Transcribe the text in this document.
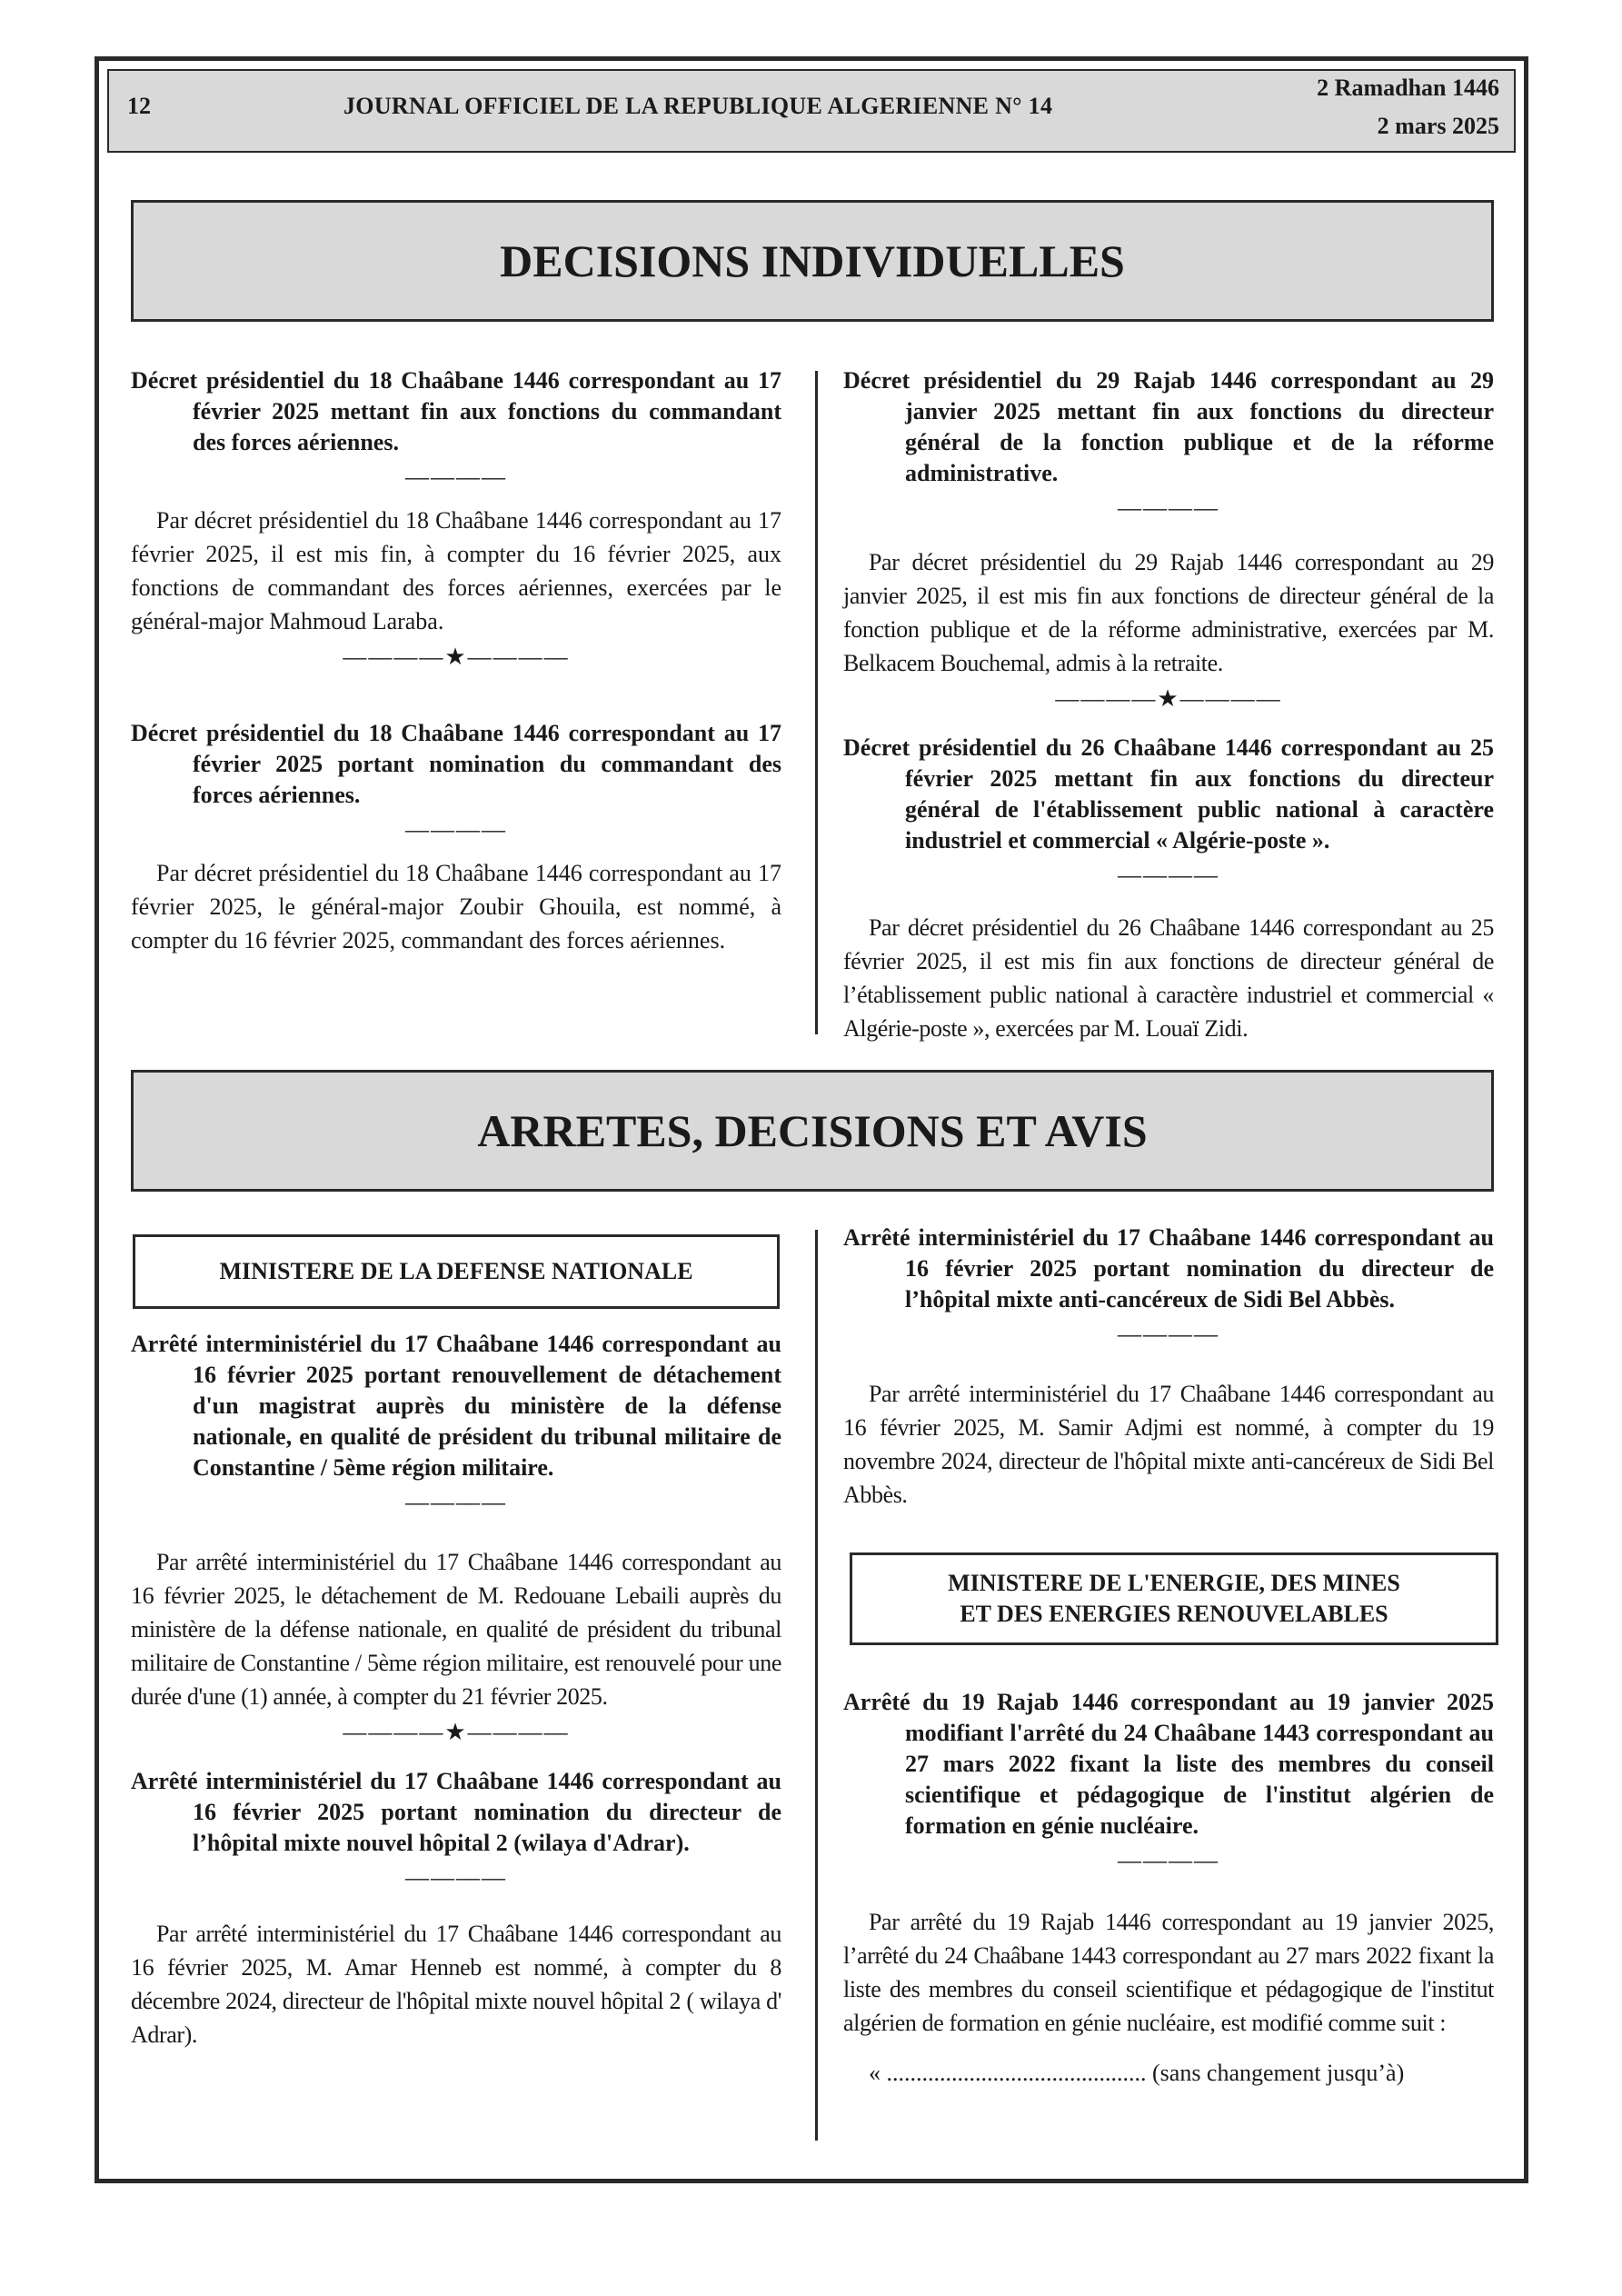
12	JOURNAL OFFICIEL DE LA REPUBLIQUE ALGERIENNE N° 14
2 Ramadhan 1446
2 mars 2025
DECISIONS INDIVIDUELLES

Décret présidentiel du 18 Chaâbane 1446 correspondant au 17 février 2025 mettant fin aux fonctions du commandant des forces aériennes.

————

Par décret présidentiel du 18 Chaâbane 1446 correspondant au 17 février 2025, il est mis fin, à compter du 16 février 2025, aux fonctions de commandant des forces aériennes, exercées par le général-major Mahmoud Laraba.

————★————

Décret présidentiel du 18 Chaâbane 1446 correspondant au 17 février 2025 portant nomination du commandant des forces aériennes.

————

Par décret présidentiel du 18 Chaâbane 1446 correspondant au 17 février 2025, le général-major Zoubir Ghouila, est nommé, à compter du 16 février 2025, commandant des forces aériennes.

Décret présidentiel du 29 Rajab 1446 correspondant au 29 janvier 2025 mettant fin aux fonctions du directeur général de la fonction publique et de la réforme administrative.

————

Par décret présidentiel du 29 Rajab 1446 correspondant au 29 janvier 2025, il est mis fin aux fonctions de directeur général de la fonction publique et de la réforme administrative, exercées par M. Belkacem Bouchemal, admis à la retraite.

————★————

Décret présidentiel du 26 Chaâbane 1446 correspondant au 25 février 2025 mettant fin aux fonctions du directeur général de l'établissement public national à caractère industriel et commercial « Algérie-poste ».

————

Par décret présidentiel du 26 Chaâbane 1446 correspondant au 25 février 2025, il est mis fin aux fonctions de directeur général de l’établissement public national à caractère industriel et commercial « Algérie-poste », exercées par M. Louaï Zidi.

ARRETES, DECISIONS ET AVIS
MINISTERE DE LA DEFENSE NATIONALE

Arrêté interministériel du 17 Chaâbane 1446 correspondant au 16 février 2025 portant renouvellement de détachement d'un magistrat auprès du ministère de la défense nationale, en qualité de président du tribunal militaire de Constantine / 5ème région militaire.

————

Par arrêté interministériel du 17 Chaâbane 1446 correspondant au 16 février 2025, le détachement de M. Redouane Lebaili auprès du ministère de la défense nationale, en qualité de président du tribunal militaire de Constantine / 5ème région militaire, est renouvelé pour une durée d'une (1) année, à compter du 21 février 2025.

————★————

Arrêté interministériel du 17 Chaâbane 1446 correspondant au 16 février 2025 portant nomination du directeur de l’hôpital mixte nouvel hôpital 2 (wilaya d'Adrar).

————

Par arrêté interministériel du 17 Chaâbane 1446 correspondant au 16 février 2025, M. Amar Henneb est nommé, à compter du 8 décembre 2024, directeur de l'hôpital mixte nouvel hôpital 2 ( wilaya d' Adrar).

Arrêté interministériel du 17 Chaâbane 1446 correspondant au 16 février 2025 portant nomination du directeur de l’hôpital mixte anti-cancéreux de Sidi Bel Abbès.

————

Par arrêté interministériel du 17 Chaâbane 1446 correspondant au 16 février 2025, M. Samir Adjmi est nommé, à compter du 19 novembre 2024, directeur de l'hôpital mixte anti-cancéreux de Sidi Bel Abbès.

MINISTERE DE L'ENERGIE, DES MINES
ET DES ENERGIES RENOUVELABLES

Arrêté du 19 Rajab 1446 correspondant au 19 janvier 2025 modifiant l'arrêté du 24 Chaâbane 1443 correspondant au 27 mars 2022 fixant la liste des membres du conseil scientifique et pédagogique de l'institut algérien de formation en génie nucléaire.

————

Par arrêté du 19 Rajab 1446 correspondant au 19 janvier 2025, l’arrêté du 24 Chaâbane 1443 correspondant au 27 mars 2022 fixant la liste des membres du conseil scientifique et pédagogique de l'institut algérien de formation en génie nucléaire, est modifié comme suit :

« ............................................ (sans changement jusqu’à)
